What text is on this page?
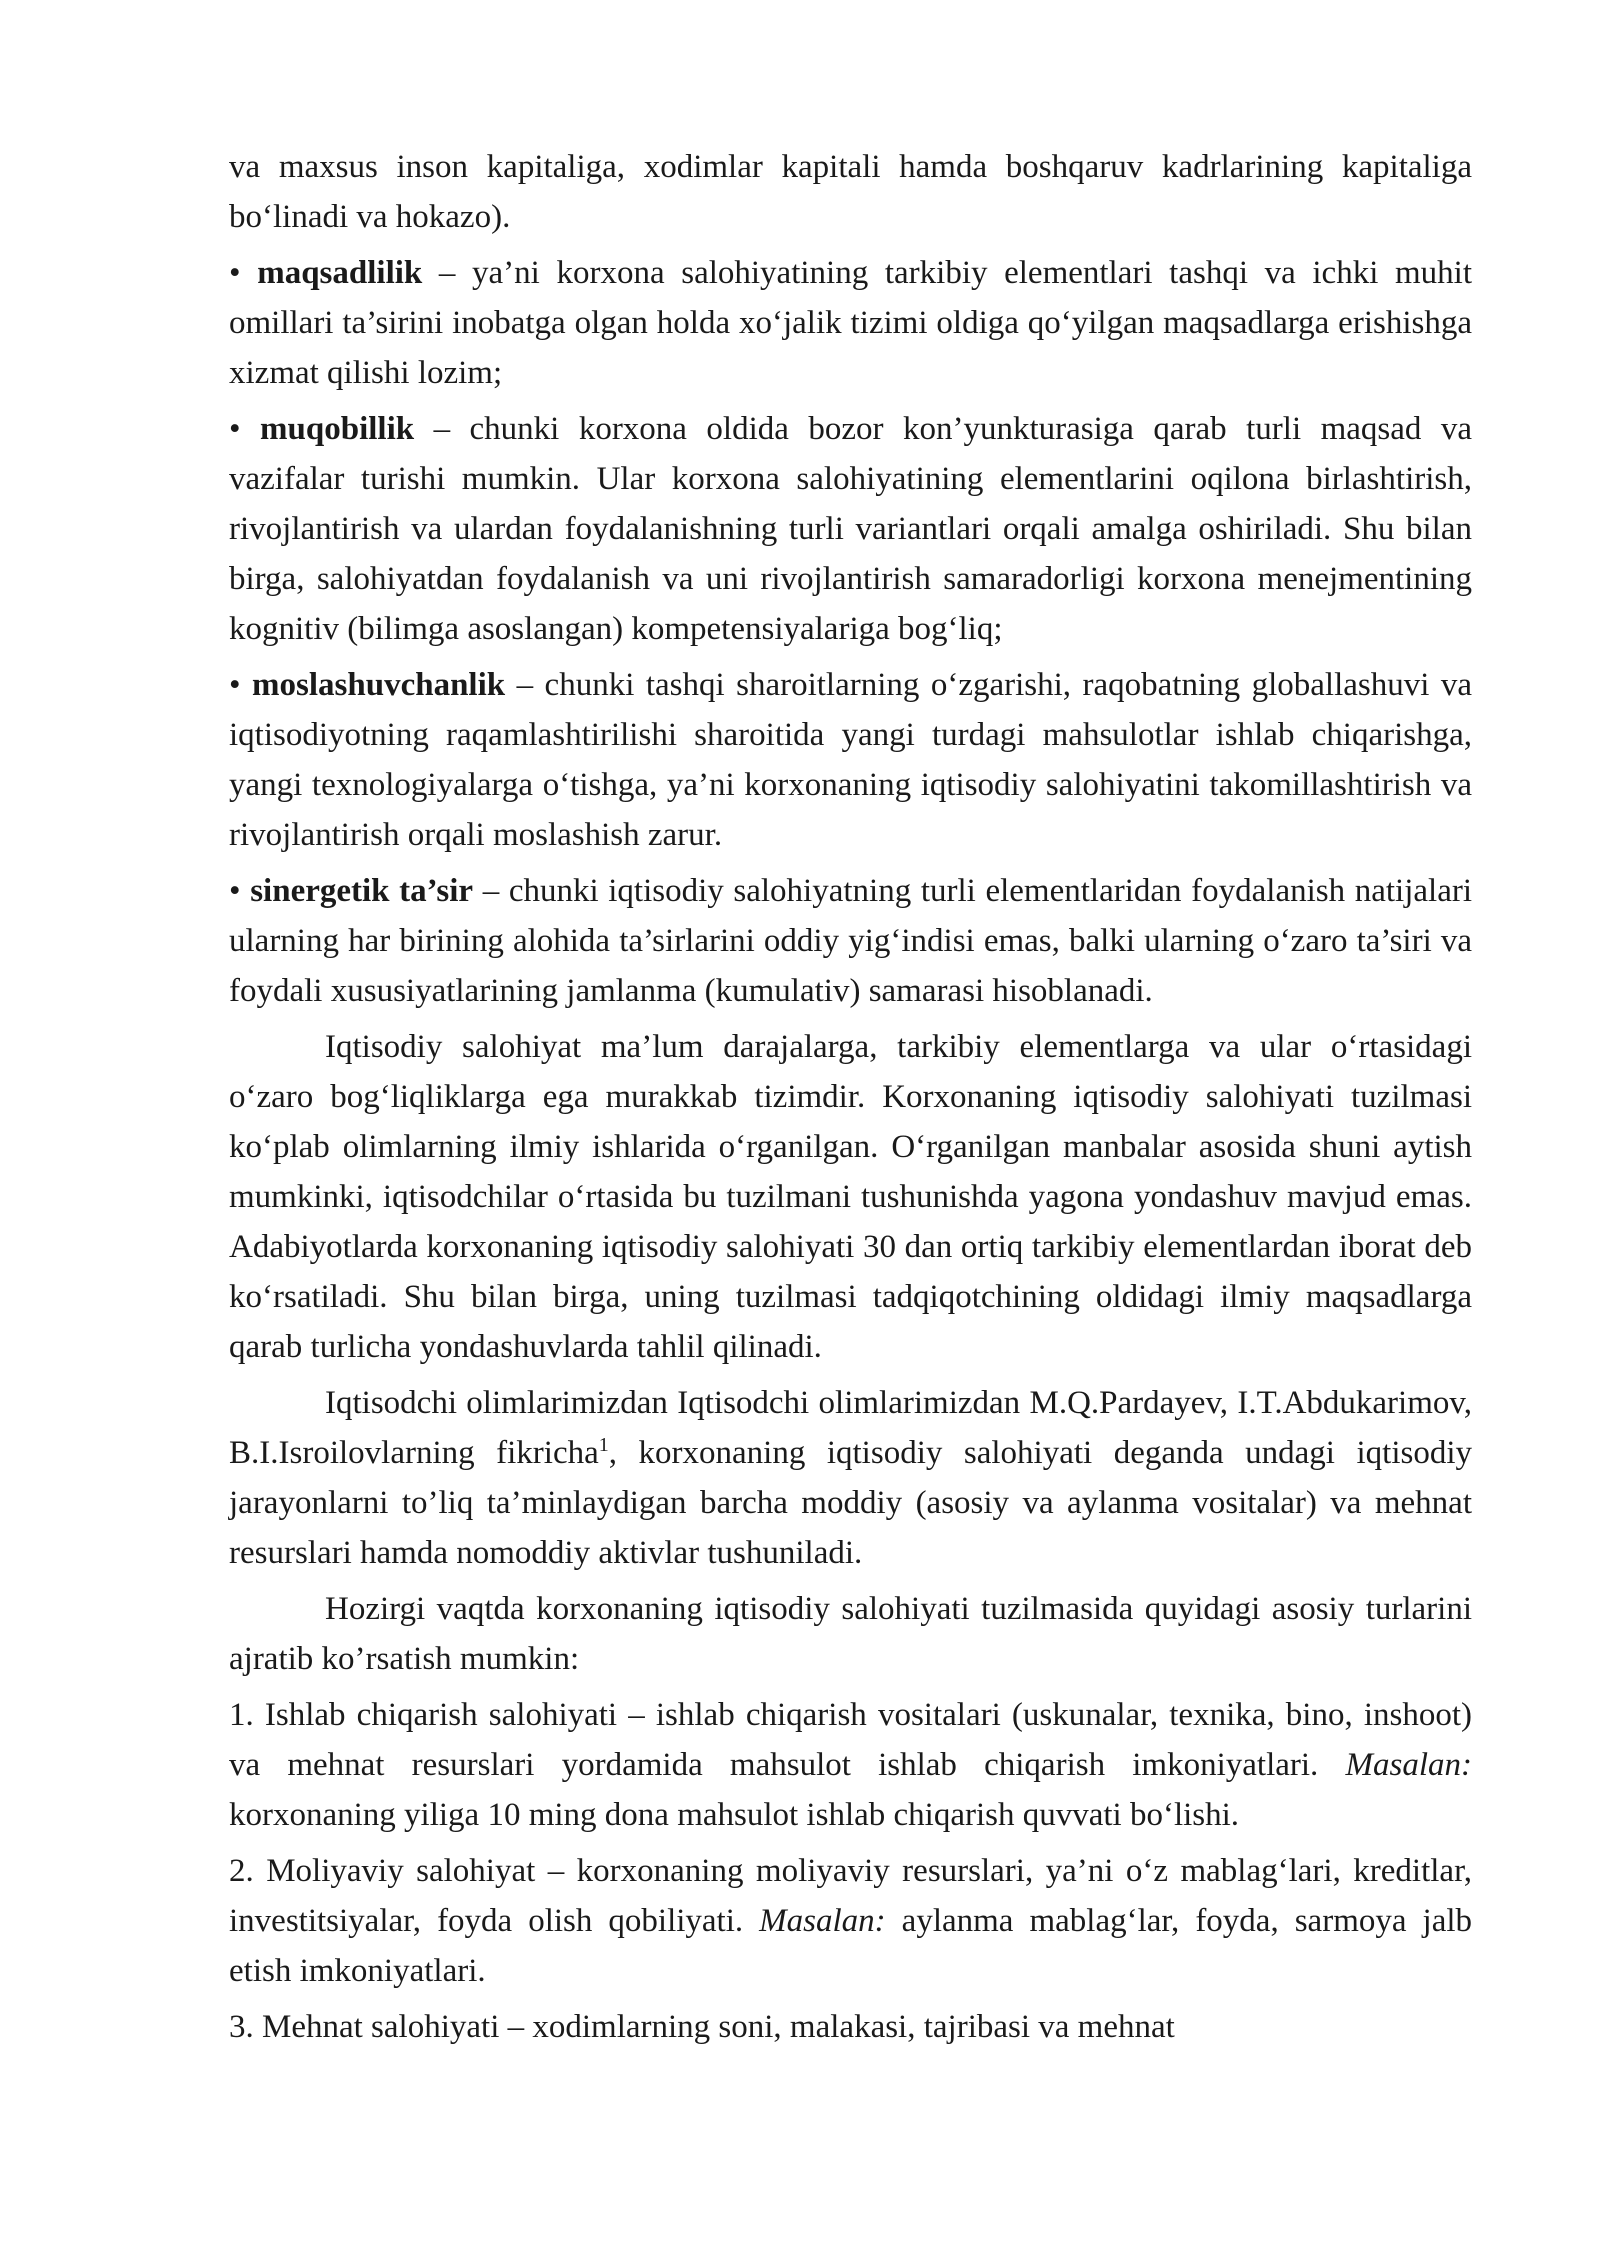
va maxsus inson kapitaliga, xodimlar kapitali hamda boshqaruv kadrlarining kapitaliga bo‘linadi va hokazo).

• maqsadlilik – ya’ni korxona salohiyatining tarkibiy elementlari tashqi va ichki muhit omillari ta’sirini inobatga olgan holda xo‘jalik tizimi oldiga qo‘yilgan maqsadlarga erishishga xizmat qilishi lozim;

• muqobillik – chunki korxona oldida bozor kon’yunkturasiga qarab turli maqsad va vazifalar turishi mumkin. Ular korxona salohiyatining elementlarini oqilona birlashtirish, rivojlantirish va ulardan foydalanishning turli variantlari orqali amalga oshiriladi. Shu bilan birga, salohiyatdan foydalanish va uni rivojlantirish samaradorligi korxona menejmentining kognitiv (bilimga asoslangan) kompetensiyalariga bog‘liq;

• moslashuvchanlik – chunki tashqi sharoitlarning o‘zgarishi, raqobatning globallashuvi va iqtisodiyotning raqamlashtirilishi sharoitida yangi turdagi mahsulotlar ishlab chiqarishga, yangi texnologiyalarga o‘tishga, ya’ni korxonaning iqtisodiy salohiyatini takomillashtirish va rivojlantirish orqali moslashish zarur.

• sinergetik ta’sir – chunki iqtisodiy salohiyatning turli elementlaridan foydalanish natijalari ularning har birining alohida ta’sirlarini oddiy yig‘indisi emas, balki ularning o‘zaro ta’siri va foydali xususiyatlarining jamlanma (kumulativ) samarasi hisoblanadi.

Iqtisodiy salohiyat ma’lum darajalarga, tarkibiy elementlarga va ular o‘rtasidagi o‘zaro bog‘liqliklarga ega murakkab tizimdir. Korxonaning iqtisodiy salohiyati tuzilmasi ko‘plab olimlarning ilmiy ishlarida o‘rganilgan. O‘rganilgan manbalar asosida shuni aytish mumkinki, iqtisodchilar o‘rtasida bu tuzilmani tushunishda yagona yondashuv mavjud emas. Adabiyotlarda korxonaning iqtisodiy salohiyati 30 dan ortiq tarkibiy elementlardan iborat deb ko‘rsatiladi. Shu bilan birga, uning tuzilmasi tadqiqotchining oldidagi ilmiy maqsadlarga qarab turlicha yondashuvlarda tahlil qilinadi.

Iqtisodchi olimlarimizdan Iqtisodchi olimlarimizdan M.Q.Pardayev, I.T.Abdukarimov, B.I.Isroilovlarning fikricha$^1$, korxonaning iqtisodiy salohiyati deganda undagi iqtisodiy jarayonlarni to’liq ta’minlaydigan barcha moddiy (asosiy va aylanma vositalar) va mehnat resurslari hamda nomoddiy aktivlar tushuniladi.

Hozirgi vaqtda korxonaning iqtisodiy salohiyati tuzilmasida quyidagi asosiy turlarini ajratib ko’rsatish mumkin:

1. Ishlab chiqarish salohiyati – ishlab chiqarish vositalari (uskunalar, texnika, bino, inshoot) va mehnat resurslari yordamida mahsulot ishlab chiqarish imkoniyatlari. Masalan: korxonaning yiliga 10 ming dona mahsulot ishlab chiqarish quvvati bo‘lishi.

2. Moliyaviy salohiyat – korxonaning moliyaviy resurslari, ya’ni o‘z mablag‘lari, kreditlar, investitsiyalar, foyda olish qobiliyati. Masalan: aylanma mablag‘lar, foyda, sarmoya jalb etish imkoniyatlari.

3. Mehnat salohiyati – xodimlarning soni, malakasi, tajribasi va mehnat
